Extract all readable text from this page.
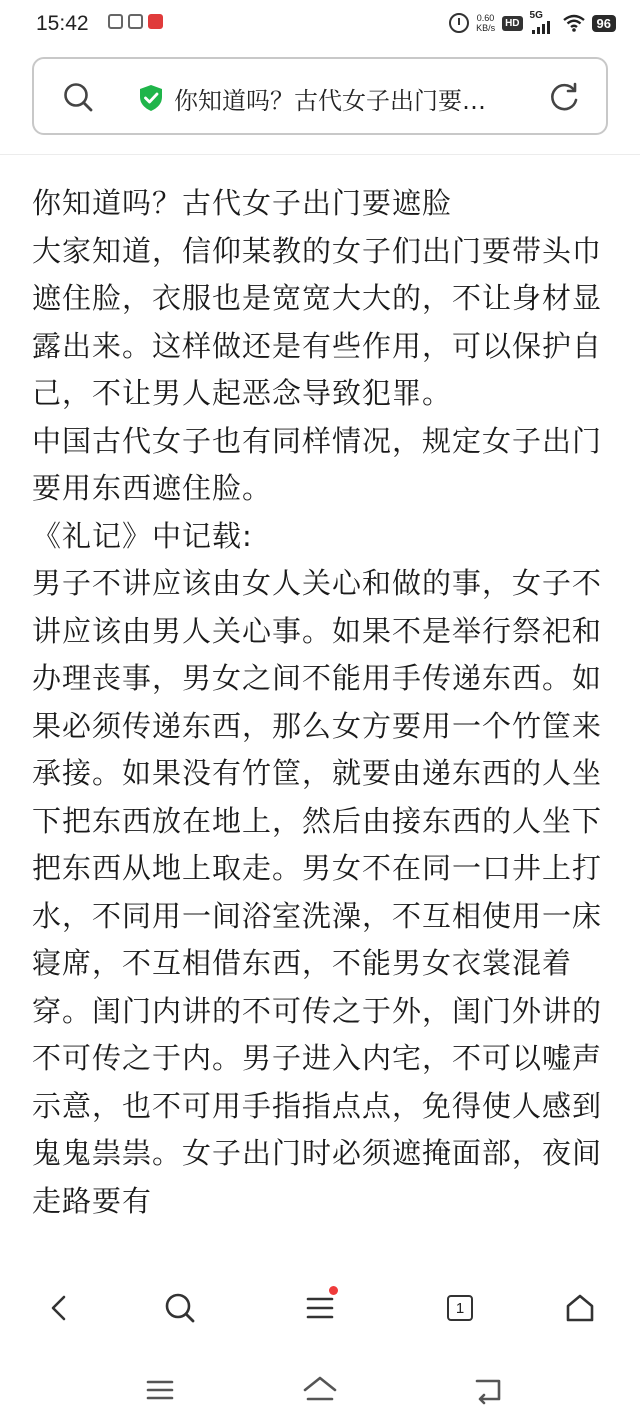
15:42	0.60
KB/s	HD
5G	96
你知道吗？古代女子出门要…

你知道吗？古代女子出门要遮脸

大家知道，信仰某教的女子们出门要带头巾遮住脸，衣服也是宽宽大大的，不让身材显露出来。这样做还是有些作用，可以保护自己，不让男人起恶念导致犯罪。

中国古代女子也有同样情况，规定女子出门要用东西遮住脸。

《礼记》中记载:

男子不讲应该由女人关心和做的事，女子不讲应该由男人关心事。如果不是举行祭祀和办理丧事，男女之间不能用手传递东西。如果必须传递东西，那么女方要用一个竹筐来承接。如果没有竹筐，就要由递东西的人坐下把东西放在地上，然后由接东西的人坐下把东西从地上取走。男女不在同一口井上打水，不同用一间浴室洗澡，不互相使用一床寝席，不互相借东西，不能男女衣裳混着穿。闺门内讲的不可传之于外，闺门外讲的不可传之于内。男子进入内宅，不可以嘘声示意，也不可用手指指点点，免得使人感到鬼鬼祟祟。女子出门时必须遮掩面部，夜间走路要有

1
